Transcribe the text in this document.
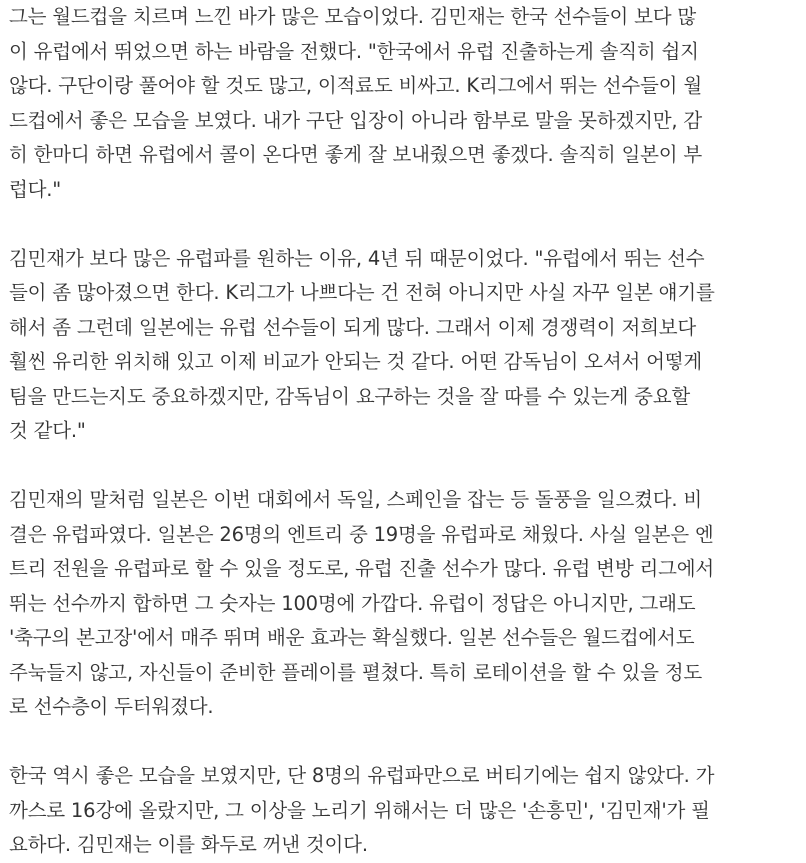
그는 월드컵을 치르며 느낀 바가 많은 모습이었다. 김민재는 한국 선수들이 보다 많
이 유럽에서 뛰었으면 하는 바람을 전했다. "한국에서 유럽 진출하는게 솔직히 쉽지
않다. 구단이랑 풀어야 할 것도 많고, 이적료도 비싸고. K리그에서 뛰는 선수들이 월
드컵에서 좋은 모습을 보였다. 내가 구단 입장이 아니라 함부로 말을 못하겠지만, 감
히 한마디 하면 유럽에서 콜이 온다면 좋게 잘 보내줬으면 좋겠다. 솔직히 일본이 부
럽다."
김민재가 보다 많은 유럽파를 원하는 이유, 4년 뒤 때문이었다. "유럽에서 뛰는 선수
들이 좀 많아졌으면 한다. K리그가 나쁘다는 건 전혀 아니지만 사실 자꾸 일본 얘기를
해서 좀 그런데 일본에는 유럽 선수들이 되게 많다. 그래서 이제 경쟁력이 저희보다
훨씬 유리한 위치해 있고 이제 비교가 안되는 것 같다. 어떤 감독님이 오셔서 어떻게
팀을 만드는지도 중요하겠지만, 감독님이 요구하는 것을 잘 따를 수 있는게 중요할
것 같다."
김민재의 말처럼 일본은 이번 대회에서 독일, 스페인을 잡는 등 돌풍을 일으켰다. 비
결은 유럽파였다. 일본은 26명의 엔트리 중 19명을 유럽파로 채웠다. 사실 일본은 엔
트리 전원을 유럽파로 할 수 있을 정도로, 유럽 진출 선수가 많다. 유럽 변방 리그에서
뛰는 선수까지 합하면 그 숫자는 100명에 가깝다. 유럽이 정답은 아니지만, 그래도
'축구의 본고장'에서 매주 뛰며 배운 효과는 확실했다. 일본 선수들은 월드컵에서도
주눅들지 않고, 자신들이 준비한 플레이를 펼쳤다. 특히 로테이션을 할 수 있을 정도
로 선수층이 두터워졌다.
한국 역시 좋은 모습을 보였지만, 단 8명의 유럽파만으로 버티기에는 쉽지 않았다. 가
까스로 16강에 올랐지만, 그 이상을 노리기 위해서는 더 많은 '손흥민', '김민재'가 필
요하다. 김민재는 이를 화두로 꺼낸 것이다.
